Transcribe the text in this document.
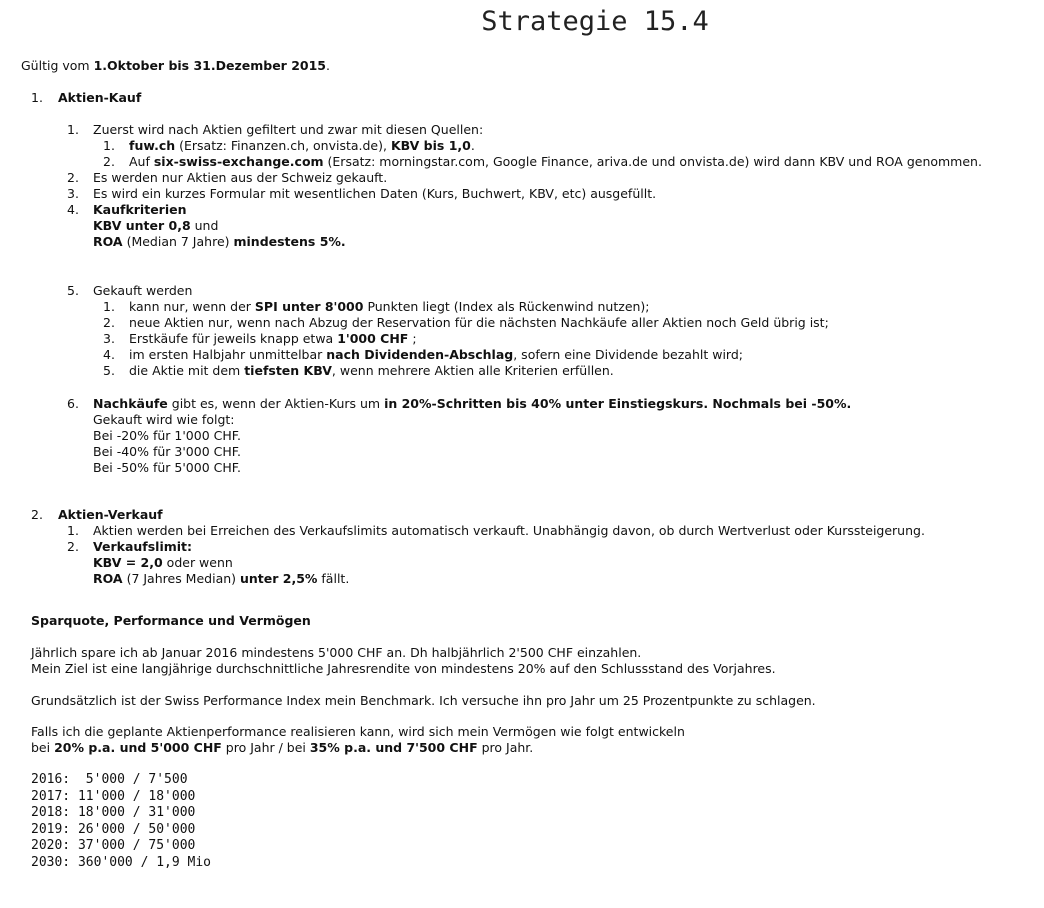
Strategie 15.4
Gültig vom 1.Oktober bis 31.Dezember 2015.
1. Aktien-Kauf
1. Zuerst wird nach Aktien gefiltert und zwar mit diesen Quellen:
1. fuw.ch (Ersatz: Finanzen.ch, onvista.de), KBV bis 1,0.
2. Auf six-swiss-exchange.com (Ersatz: morningstar.com, Google Finance, ariva.de und onvista.de) wird dann KBV und ROA genommen.
2. Es werden nur Aktien aus der Schweiz gekauft.
3. Es wird ein kurzes Formular mit wesentlichen Daten (Kurs, Buchwert, KBV, etc) ausgefüllt.
4. Kaufkriterien
KBV unter 0,8 und
ROA (Median 7 Jahre) mindestens 5%.
5. Gekauft werden
1. kann nur, wenn der SPI unter 8'000 Punkten liegt (Index als Rückenwind nutzen);
2. neue Aktien nur, wenn nach Abzug der Reservation für die nächsten Nachkäufe aller Aktien noch Geld übrig ist;
3. Erstkäufe für jeweils knapp etwa 1'000 CHF ;
4. im ersten Halbjahr unmittelbar nach Dividenden-Abschlag, sofern eine Dividende bezahlt wird;
5. die Aktie mit dem tiefsten KBV, wenn mehrere Aktien alle Kriterien erfüllen.
6. Nachkäufe gibt es, wenn der Aktien-Kurs um in 20%-Schritten bis 40% unter Einstiegskurs. Nochmals bei -50%.
Gekauft wird wie folgt:
Bei -20% für 1'000 CHF.
Bei -40% für 3'000 CHF.
Bei -50% für 5'000 CHF.
2. Aktien-Verkauf
1. Aktien werden bei Erreichen des Verkaufslimits automatisch verkauft. Unabhängig davon, ob durch Wertverlust oder Kurssteigerung.
2. Verkaufslimit:
KBV = 2,0 oder wenn
ROA (7 Jahres Median) unter 2,5% fällt.
Sparquote, Performance und Vermögen
Jährlich spare ich ab Januar 2016 mindestens 5'000 CHF an. Dh halbjährlich 2'500 CHF einzahlen.
Mein Ziel ist eine langjährige durchschnittliche Jahresrendite von mindestens 20% auf den Schlussstand des Vorjahres.
Grundsätzlich ist der Swiss Performance Index mein Benchmark. Ich versuche ihn pro Jahr um 25 Prozentpunkte zu schlagen.
Falls ich die geplante Aktienperformance realisieren kann, wird sich mein Vermögen wie folgt entwickeln
bei 20% p.a. und 5'000 CHF pro Jahr / bei 35% p.a. und 7'500 CHF pro Jahr.
2016:  5'000 / 7'500
2017: 11'000 / 18'000
2018: 18'000 / 31'000
2019: 26'000 / 50'000
2020: 37'000 / 75'000
2030: 360'000 / 1,9 Mio
